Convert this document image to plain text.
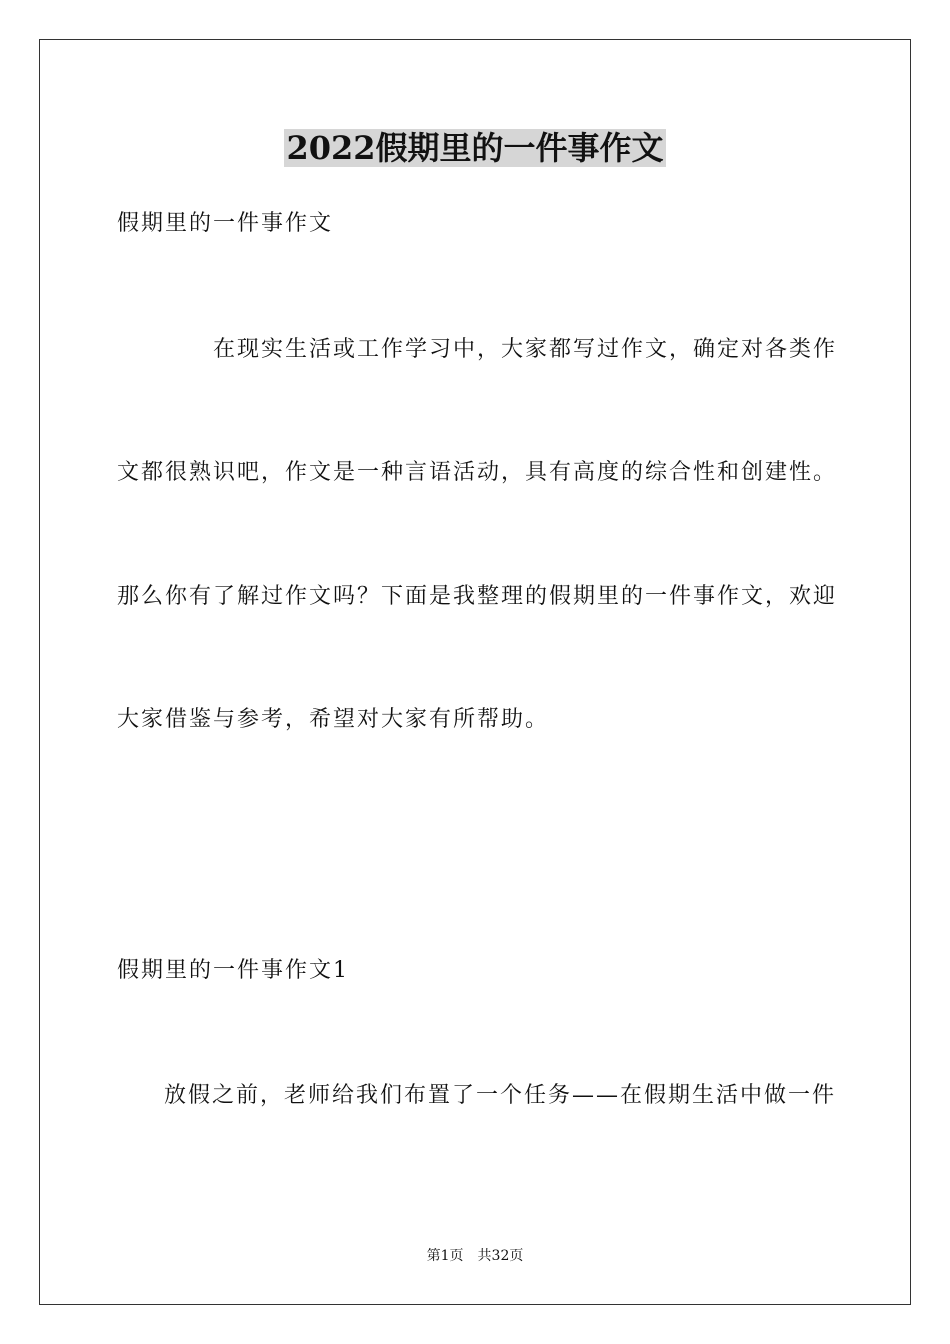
2022假期里的一件事作文

假期里的一件事作文

在现实生活或工作学习中，大家都写过作文，确定对各类作

文都很熟识吧，作文是一种言语活动，具有高度的综合性和创建性。

那么你有了解过作文吗？下面是我整理的假期里的一件事作文，欢迎

大家借鉴与参考，希望对大家有所帮助。

假期里的一件事作文1

放假之前，老师给我们布置了一个任务——在假期生活中做一件

第1页 共32页
